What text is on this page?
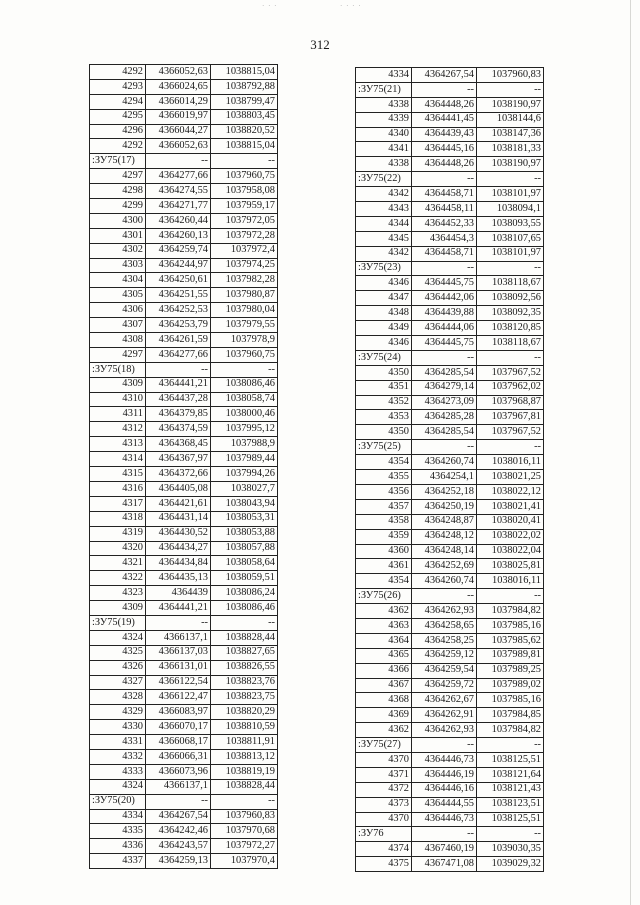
· · ·	· · · ·
312
4292	4366052,63	1038815,04
4293	4366024,65	1038792,88
4294	4366014,29	1038799,47
4295	4366019,97	1038803,45
4296	4366044,27	1038820,52
4292	4366052,63	1038815,04
:ЗУ75(17)	--	--
4297	4364277,66	1037960,75
4298	4364274,55	1037958,08
4299	4364271,77	1037959,17
4300	4364260,44	1037972,05
4301	4364260,13	1037972,28
4302	4364259,74	1037972,4
4303	4364244,97	1037974,25
4304	4364250,61	1037982,28
4305	4364251,55	1037980,87
4306	4364252,53	1037980,04
4307	4364253,79	1037979,55
4308	4364261,59	1037978,9
4297	4364277,66	1037960,75
:ЗУ75(18)	--	--
4309	4364441,21	1038086,46
4310	4364437,28	1038058,74
4311	4364379,85	1038000,46
4312	4364374,59	1037995,12
4313	4364368,45	1037988,9
4314	4364367,97	1037989,44
4315	4364372,66	1037994,26
4316	4364405,08	1038027,7
4317	4364421,61	1038043,94
4318	4364431,14	1038053,31
4319	4364430,52	1038053,88
4320	4364434,27	1038057,88
4321	4364434,84	1038058,64
4322	4364435,13	1038059,51
4323	4364439	1038086,24
4309	4364441,21	1038086,46
:ЗУ75(19)	--	--
4324	4366137,1	1038828,44
4325	4366137,03	1038827,65
4326	4366131,01	1038826,55
4327	4366122,54	1038823,76
4328	4366122,47	1038823,75
4329	4366083,97	1038820,29
4330	4366070,17	1038810,59
4331	4366068,17	1038811,91
4332	4366066,31	1038813,12
4333	4366073,96	1038819,19
4324	4366137,1	1038828,44
:ЗУ75(20)	--	--
4334	4364267,54	1037960,83
4335	4364242,46	1037970,68
4336	4364243,57	1037972,27
4337	4364259,13	1037970,4
4334	4364267,54	1037960,83
:ЗУ75(21)	--	--
4338	4364448,26	1038190,97
4339	4364441,45	1038144,6
4340	4364439,43	1038147,36
4341	4364445,16	1038181,33
4338	4364448,26	1038190,97
:ЗУ75(22)	--	--
4342	4364458,71	1038101,97
4343	4364458,11	1038094,1
4344	4364452,33	1038093,55
4345	4364454,3	1038107,65
4342	4364458,71	1038101,97
:ЗУ75(23)	--	--
4346	4364445,75	1038118,67
4347	4364442,06	1038092,56
4348	4364439,88	1038092,35
4349	4364444,06	1038120,85
4346	4364445,75	1038118,67
:ЗУ75(24)	--	--
4350	4364285,54	1037967,52
4351	4364279,14	1037962,02
4352	4364273,09	1037968,87
4353	4364285,28	1037967,81
4350	4364285,54	1037967,52
:ЗУ75(25)	--	--
4354	4364260,74	1038016,11
4355	4364254,1	1038021,25
4356	4364252,18	1038022,12
4357	4364250,19	1038021,41
4358	4364248,87	1038020,41
4359	4364248,12	1038022,02
4360	4364248,14	1038022,04
4361	4364252,69	1038025,81
4354	4364260,74	1038016,11
:ЗУ75(26)	--	--
4362	4364262,93	1037984,82
4363	4364258,65	1037985,16
4364	4364258,25	1037985,62
4365	4364259,12	1037989,81
4366	4364259,54	1037989,25
4367	4364259,72	1037989,02
4368	4364262,67	1037985,16
4369	4364262,91	1037984,85
4362	4364262,93	1037984,82
:ЗУ75(27)	--	--
4370	4364446,73	1038125,51
4371	4364446,19	1038121,64
4372	4364446,16	1038121,43
4373	4364444,55	1038123,51
4370	4364446,73	1038125,51
:ЗУ76	--	--
4374	4367460,19	1039030,35
4375	4367471,08	1039029,32
